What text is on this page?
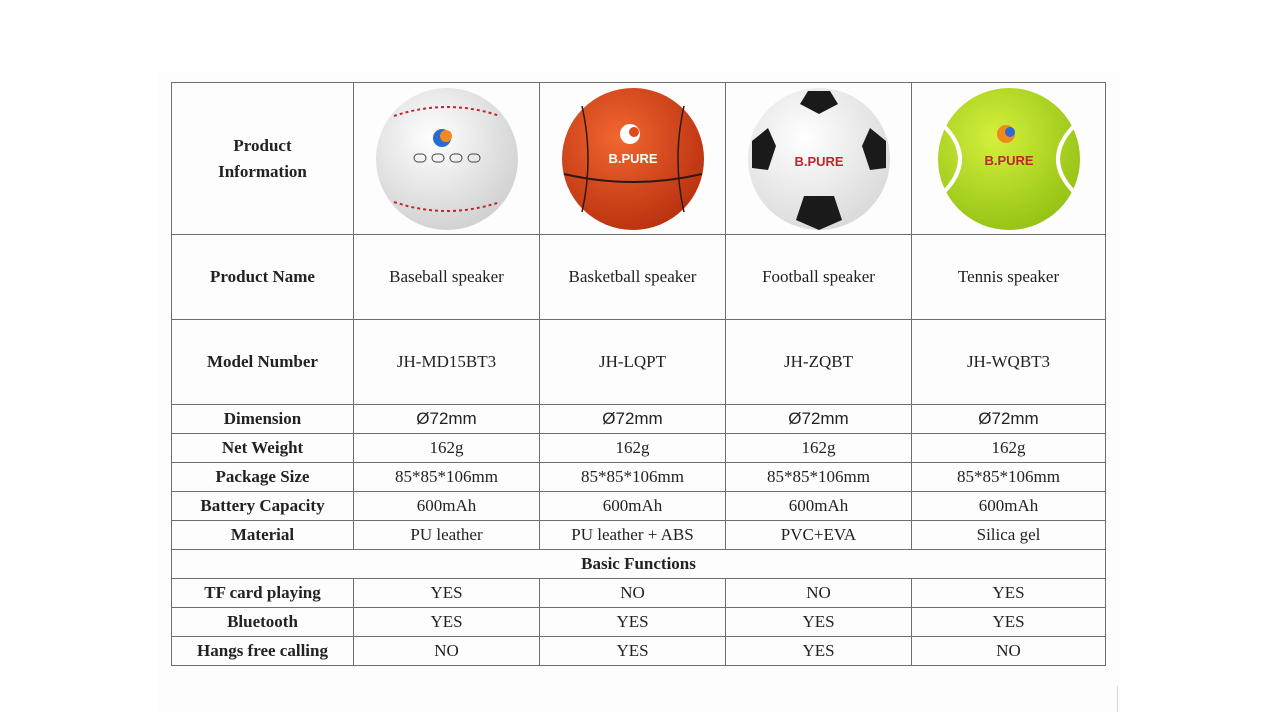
Product
Information		B.PURE	B.PURE	B.PURE

Product Name	Baseball speaker	Basketball speaker	Football speaker	Tennis speaker
Model Number	JH-MD15BT3	JH-LQPT	JH-ZQBT	JH-WQBT3
Dimension	Ø72mm	Ø72mm	Ø72mm	Ø72mm
Net Weight	162g	162g	162g	162g
Package Size	85*85*106mm	85*85*106mm	85*85*106mm	85*85*106mm
Battery Capacity	600mAh	600mAh	600mAh	600mAh
Material	PU leather	PU leather + ABS	PVC+EVA	Silica gel
Basic Functions				
TF card playing	YES	NO	NO	YES
Bluetooth	YES	YES	YES	YES
Hangs free calling	NO	YES	YES	NO
